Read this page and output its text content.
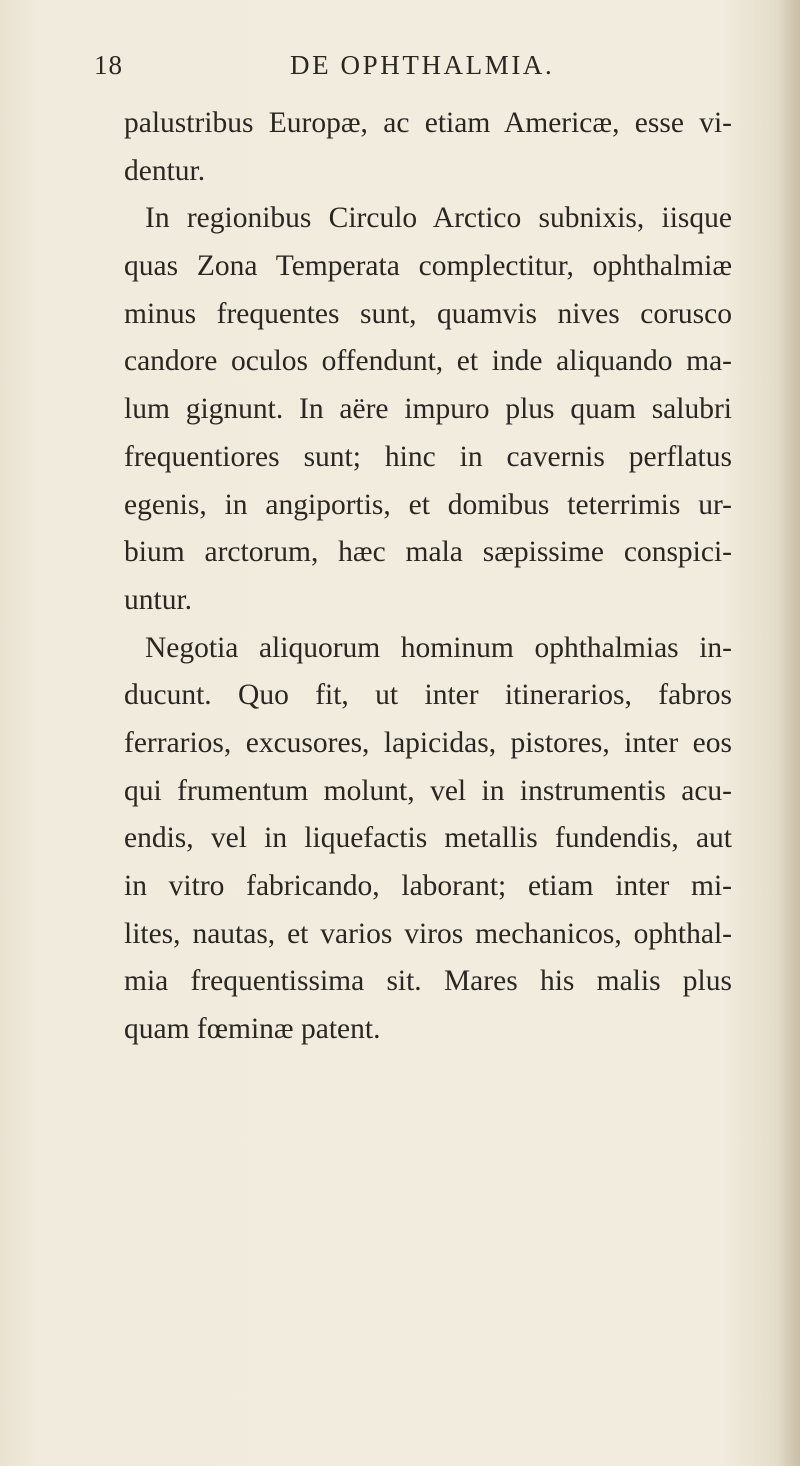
18	DE OPHTHALMIA.
palustribus Europæ, ac etiam Americæ, esse vi-
dentur.
In regionibus Circulo Arctico subnixis, iisque
quas Zona Temperata complectitur, ophthalmiæ
minus frequentes sunt, quamvis nives corusco
candore oculos offendunt, et inde aliquando ma-
lum gignunt. In aëre impuro plus quam salubri
frequentiores sunt; hinc in cavernis perflatus
egenis, in angiportis, et domibus teterrimis ur-
bium arctorum, hæc mala sæpissime conspici-
untur.
Negotia aliquorum hominum ophthalmias in-
ducunt. Quo fit, ut inter itinerarios, fabros
ferrarios, excusores, lapicidas, pistores, inter eos
qui frumentum molunt, vel in instrumentis acu-
endis, vel in liquefactis metallis fundendis, aut
in vitro fabricando, laborant; etiam inter mi-
lites, nautas, et varios viros mechanicos, ophthal-
mia frequentissima sit. Mares his malis plus
quam fœminæ patent.
